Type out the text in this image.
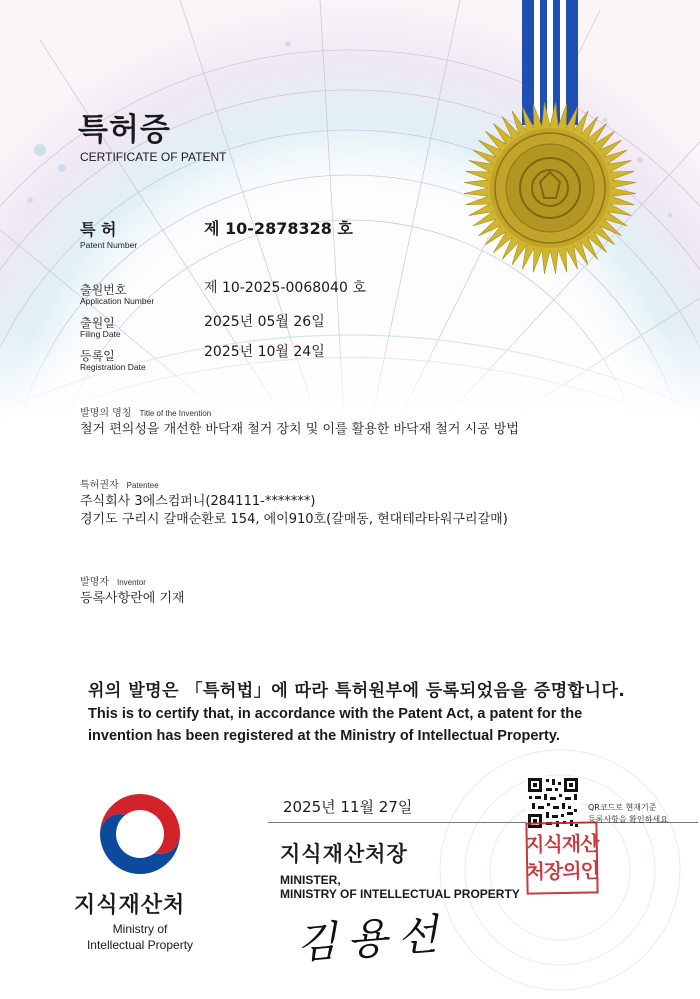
특허증
CERTIFICATE OF PATENT
특 허
Patent Number
제 10-2878328 호
출원번호
Application Number
제 10-2025-0068040 호
출원일
Filing Date
2025년 05월 26일
등록일
Registration Date
2025년 10월 24일
발명의 명칭 Title of the Invention
철거 편의성을 개선한 바닥재 철거 장치 및 이를 활용한 바닥재 철거 시공 방법
특허권자 Patentee
주식회사 3에스컴퍼니(284111-*******)
경기도 구리시 갈매순환로 154, 에이910호(갈매동, 현대테라타워구리갈매)
발명자 Inventor
등록사항란에 기재
위의 발명은 「특허법」에 따라 특허원부에 등록되었음을 증명합니다.
This is to certify that, in accordance with the Patent Act, a patent for the
invention has been registered at the Ministry of Intellectual Property.
2025년 11월 27일	QR코드로 현재기준
등록사항을 확인하세요
지식재산처
Ministry of
Intellectual Property
지식재산처장
MINISTER,
MINISTRY OF INTELLECTUAL PROPERTY
지식재산
처장의인
김용선
